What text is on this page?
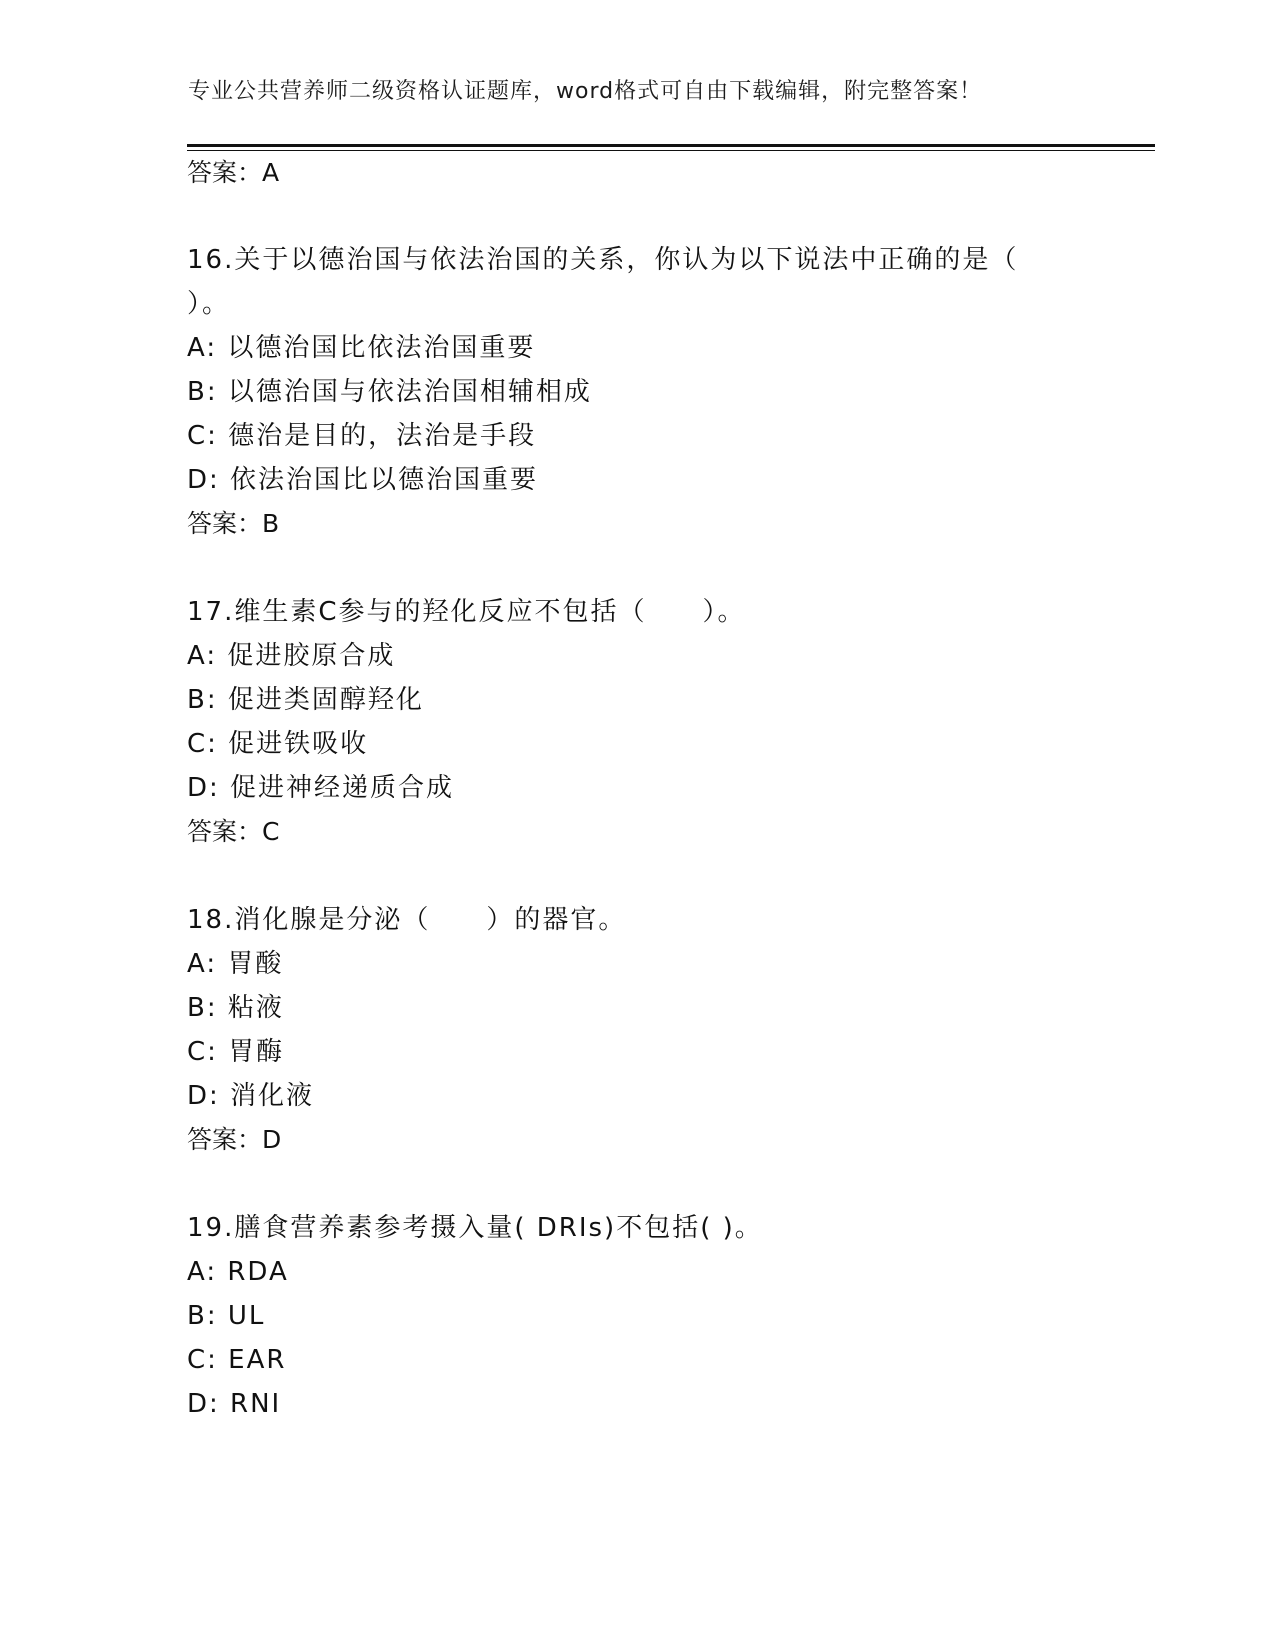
专业公共营养师二级资格认证题库，word格式可自由下载编辑，附完整答案！
答案：A
16.关于以德治国与依法治国的关系，你认为以下说法中正确的是（
）。
A: 以德治国比依法治国重要
B: 以德治国与依法治国相辅相成
C: 德治是目的，法治是手段
D: 依法治国比以德治国重要
答案：B
17.维生素C参与的羟化反应不包括（　　）。
A: 促进胶原合成
B: 促进类固醇羟化
C: 促进铁吸收
D: 促进神经递质合成
答案：C
18.消化腺是分泌（　　）的器官。
A: 胃酸
B: 粘液
C: 胃酶
D: 消化液
答案：D
19.膳食营养素参考摄入量( DRIs)不包括( )。
A: RDA
B: UL
C: EAR
D: RNI
